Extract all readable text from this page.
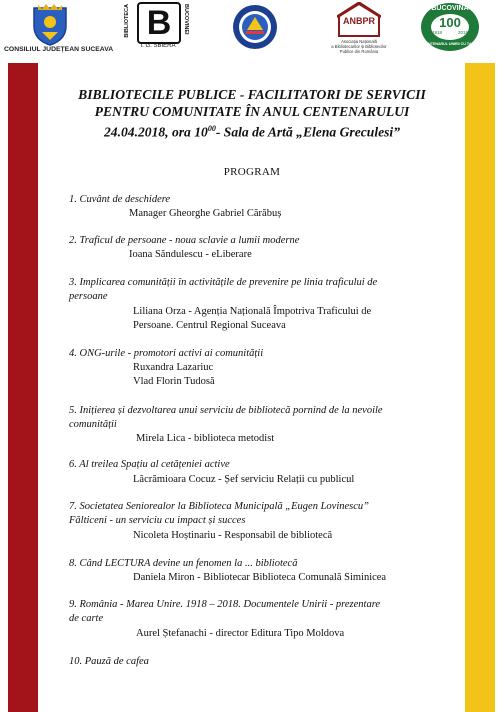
CONSILIUL JUDEȚEAN SUCEAVA
BIBLIOTECA B	BUCOVINEI
I. G. SBIERA
ANBPR
Asociația Națională
a Bibliotecarilor și Bibliotecilor
Publice din România
BUCOVINA
100
1918	2018
CENTENARUL UNIRII CU ȚARA
BIBLIOTECILE PUBLICE - FACILITATORI DE SERVICII
PENTRU COMUNITATE ÎN ANUL CENTENARULUI
24.04.2018, ora $10^{00}-$ Sala de Artă „Elena Greculesi”
PROGRAM
1. Cuvânt de deschidere
Manager Gheorghe Gabriel Cărăbuș
2. Traficul de persoane - noua sclavie a lumii moderne
Ioana Săndulescu - eLiberare
3. Implicarea comunității în activitățile de prevenire pe linia traficului de
persoane
Liliana Orza - Agenția Națională Împotriva Traficului de
Persoane. Centrul Regional Suceava
4. ONG-urile - promotori activi ai comunității
Ruxandra Lazariuc
Vlad Florin Tudosă
5. Inițierea și dezvoltarea unui serviciu de bibliotecă pornind de la nevoile
comunității
Mirela Lica - biblioteca metodist
6. Al treilea Spațiu al cetățeniei active
Lăcrămioara Cocuz - Șef serviciu Relații cu publicul
7. Societatea Seniorealor la Biblioteca Municipală „Eugen Lovinescu”
Fălticeni - un serviciu cu impact și succes
Nicoleta Hoștinariu - Responsabil de bibliotecă
8. Când LECTURA devine un fenomen la ... bibliotecă
Daniela Miron - Bibliotecar Biblioteca Comunală Siminicea
9. România - Marea Unire. 1918 – 2018. Documentele Unirii - prezentare
de carte
Aurel Ștefanachi - director Editura Tipo Moldova
10. Pauză de cafea
